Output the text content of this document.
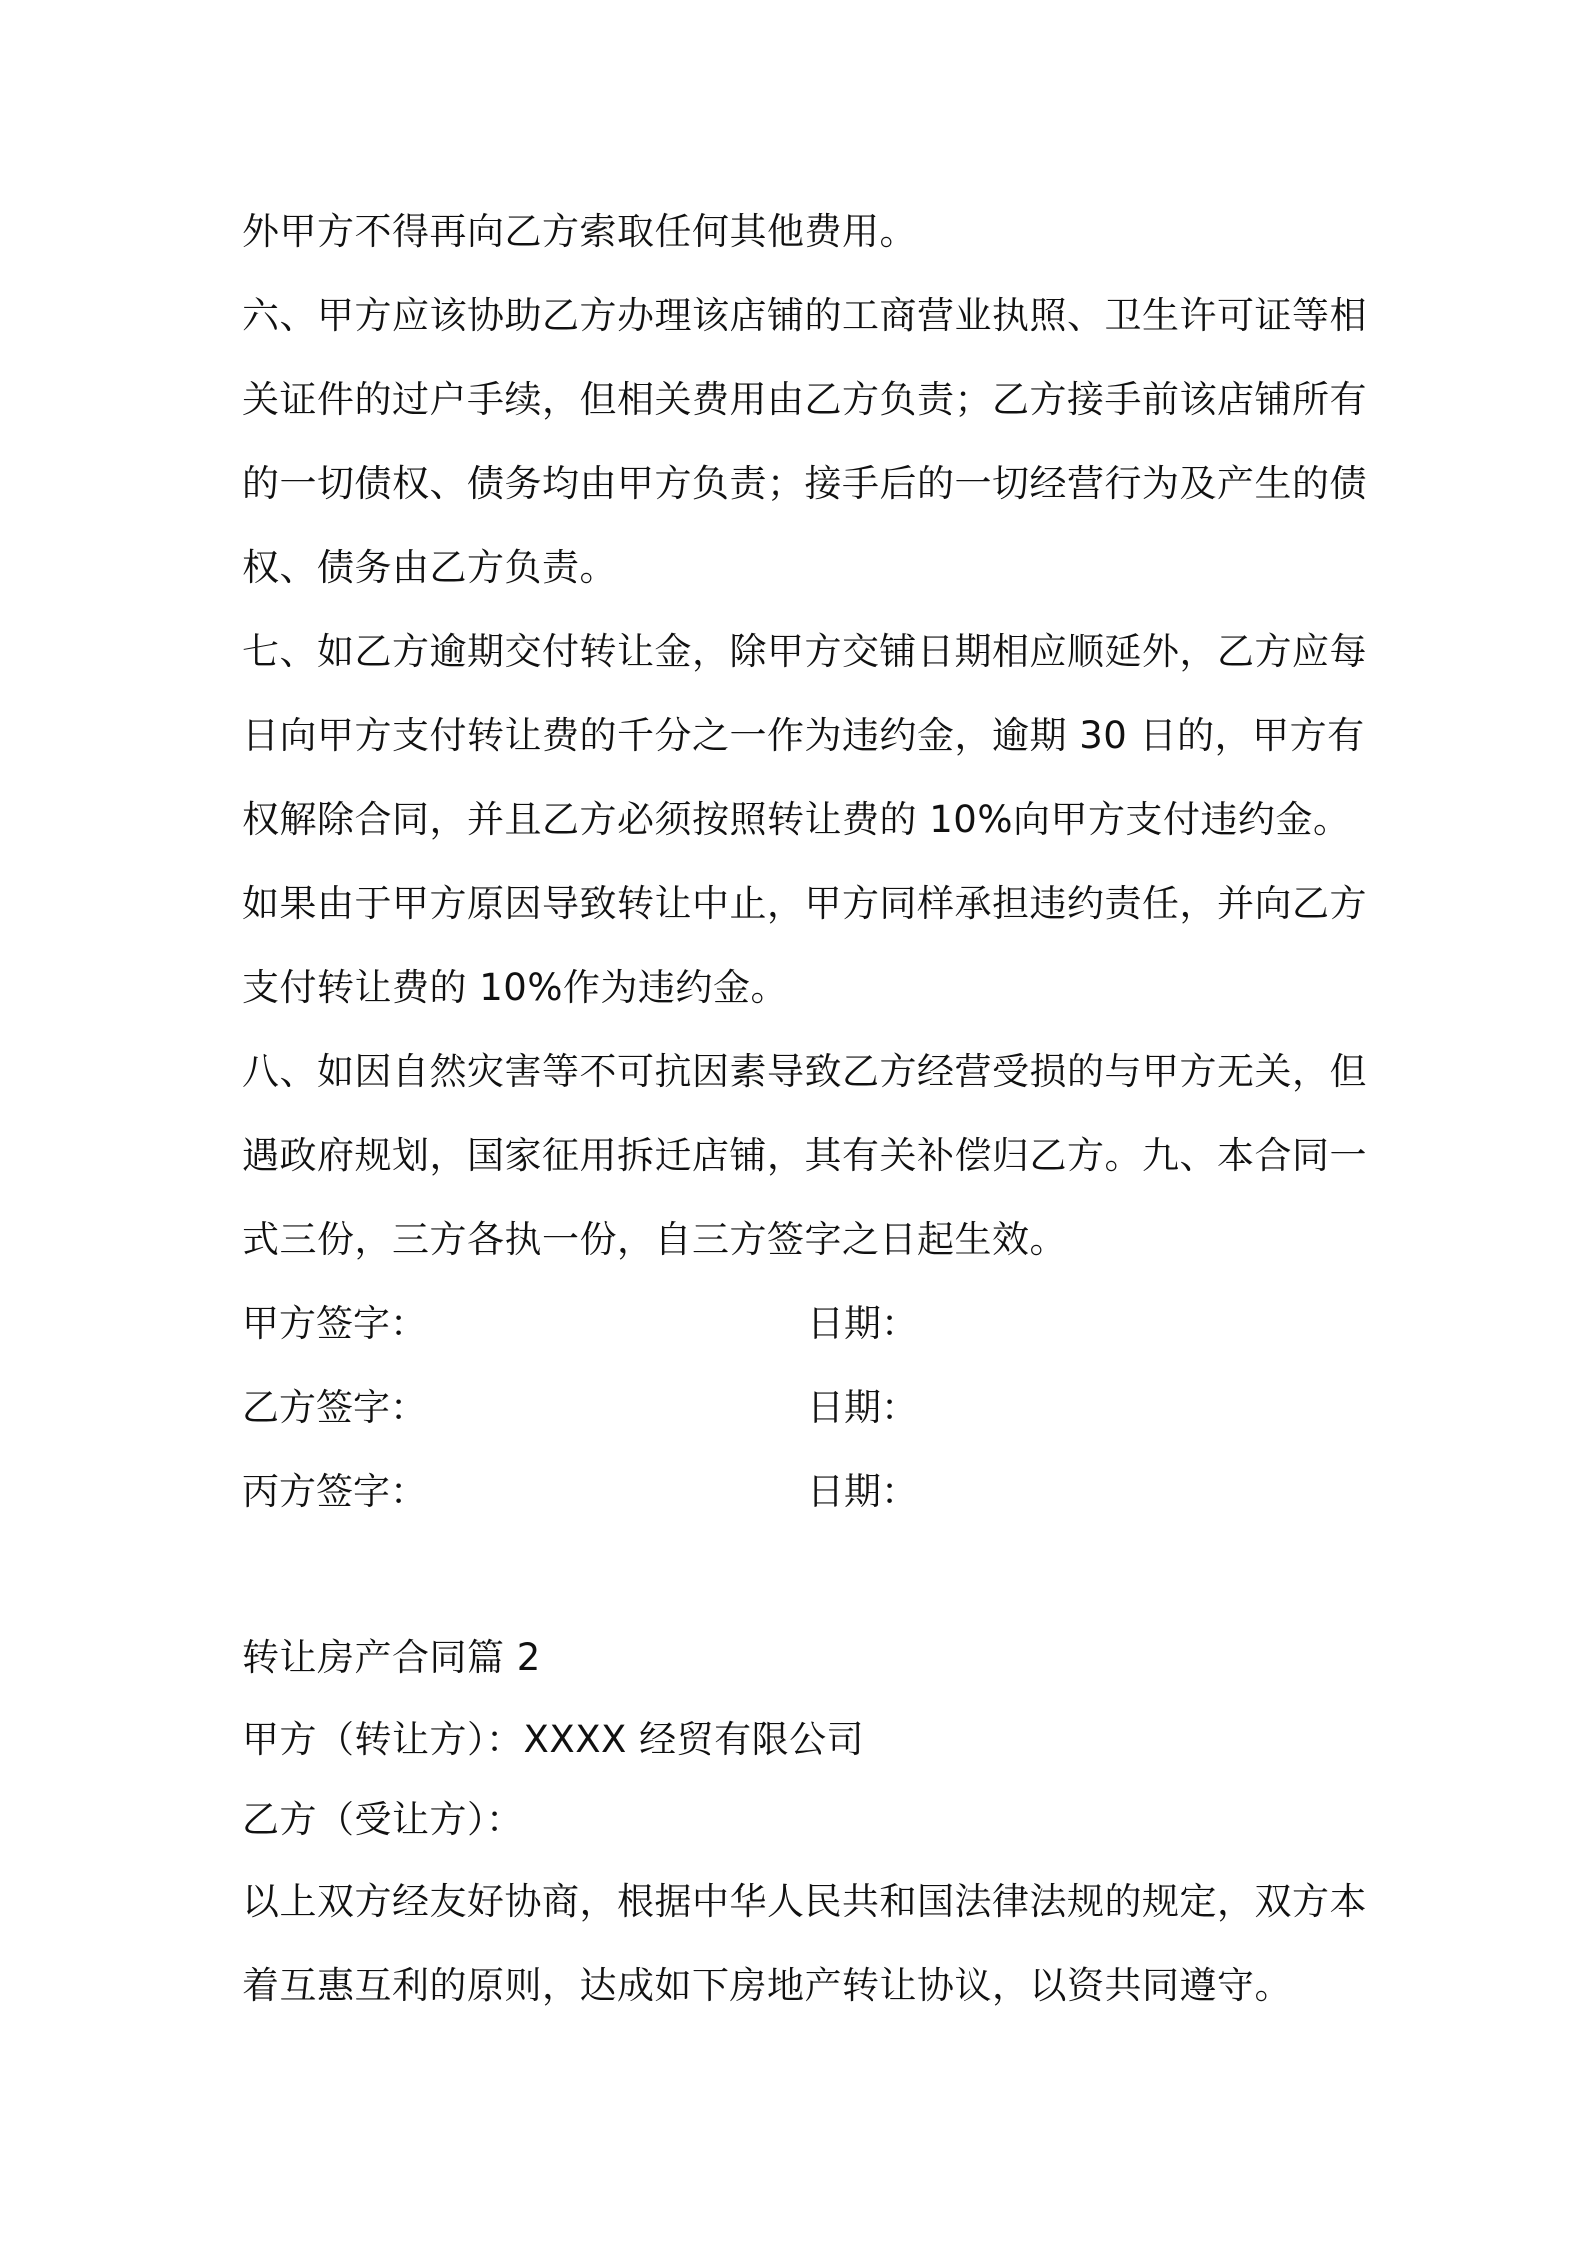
外甲方不得再向乙方索取任何其他费用。
六、甲方应该协助乙方办理该店铺的工商营业执照、卫生许可证等相
关证件的过户手续，但相关费用由乙方负责；乙方接手前该店铺所有
的一切债权、债务均由甲方负责；接手后的一切经营行为及产生的债
权、债务由乙方负责。
七、如乙方逾期交付转让金，除甲方交铺日期相应顺延外，乙方应每
日向甲方支付转让费的千分之一作为违约金，逾期 30 日的，甲方有
权解除合同，并且乙方必须按照转让费的 10%向甲方支付违约金。
如果由于甲方原因导致转让中止，甲方同样承担违约责任，并向乙方
支付转让费的 10%作为违约金。
八、如因自然灾害等不可抗因素导致乙方经营受损的与甲方无关，但
遇政府规划，国家征用拆迁店铺，其有关补偿归乙方。九、本合同一
式三份，三方各执一份，自三方签字之日起生效。
甲方签字：	日期：
乙方签字：	日期：
丙方签字：	日期：
转让房产合同篇 2
甲方（转让方）：XXXX 经贸有限公司
乙方（受让方）：
以上双方经友好协商，根据中华人民共和国法律法规的规定，双方本
着互惠互利的原则，达成如下房地产转让协议，以资共同遵守。
